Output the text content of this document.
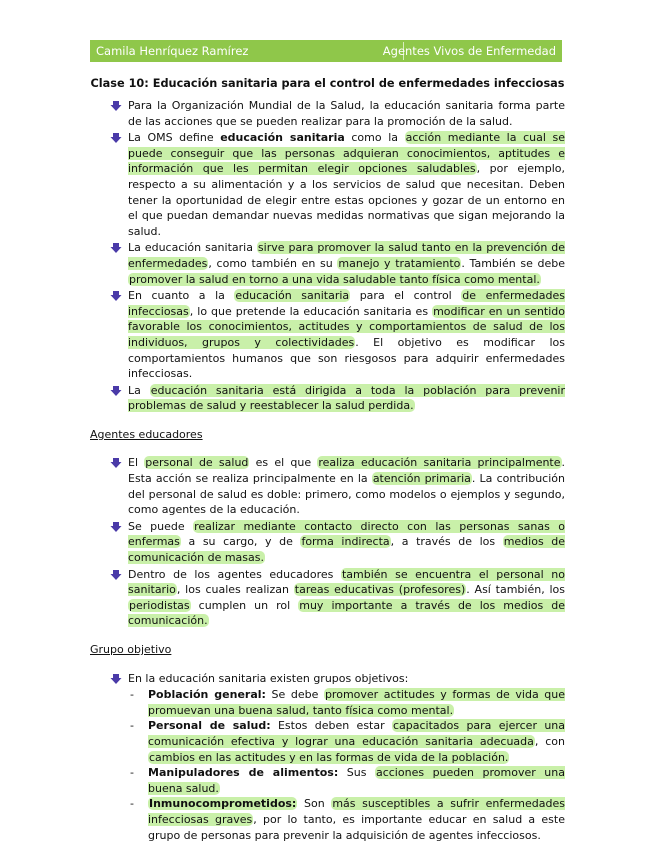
Camila Henríquez Ramírez	Agentes Vivos de Enfermedad
Clase 10: Educación sanitaria para el control de enfermedades infecciosas
Para la Organización Mundial de la Salud, la educación sanitaria forma parte de las acciones que se pueden realizar para la promoción de la salud.
La OMS define educación sanitaria como la acción mediante la cual se puede conseguir que las personas adquieran conocimientos, aptitudes e información que les permitan elegir opciones saludables, por ejemplo, respecto a su alimentación y a los servicios de salud que necesitan. Deben tener la oportunidad de elegir entre estas opciones y gozar de un entorno en el que puedan demandar nuevas medidas normativas que sigan mejorando la salud.
La educación sanitaria sirve para promover la salud tanto en la prevención de enfermedades, como también en su manejo y tratamiento. También se debe promover la salud en torno a una vida saludable tanto física como mental.
En cuanto a la educación sanitaria para el control de enfermedades infecciosas, lo que pretende la educación sanitaria es modificar en un sentido favorable los conocimientos, actitudes y comportamientos de salud de los individuos, grupos y colectividades. El objetivo es modificar los comportamientos humanos que son riesgosos para adquirir enfermedades infecciosas.
La educación sanitaria está dirigida a toda la población para prevenir problemas de salud y reestablecer la salud perdida.
Agentes educadores
El personal de salud es el que realiza educación sanitaria principalmente. Esta acción se realiza principalmente en la atención primaria. La contribución del personal de salud es doble: primero, como modelos o ejemplos y segundo, como agentes de la educación.
Se puede realizar mediante contacto directo con las personas sanas o enfermas a su cargo, y de forma indirecta, a través de los medios de comunicación de masas.
Dentro de los agentes educadores también se encuentra el personal no sanitario, los cuales realizan tareas educativas (profesores). Así también, los periodistas cumplen un rol muy importante a través de los medios de comunicación.
Grupo objetivo
En la educación sanitaria existen grupos objetivos:
- Población general: Se debe promover actitudes y formas de vida que promuevan una buena salud, tanto física como mental.
- Personal de salud: Estos deben estar capacitados para ejercer una comunicación efectiva y lograr una educación sanitaria adecuada, con cambios en las actitudes y en las formas de vida de la población.
- Manipuladores de alimentos: Sus acciones pueden promover una buena salud.
- Inmunocomprometidos: Son más susceptibles a sufrir enfermedades infecciosas graves, por lo tanto, es importante educar en salud a este grupo de personas para prevenir la adquisición de agentes infecciosos.
